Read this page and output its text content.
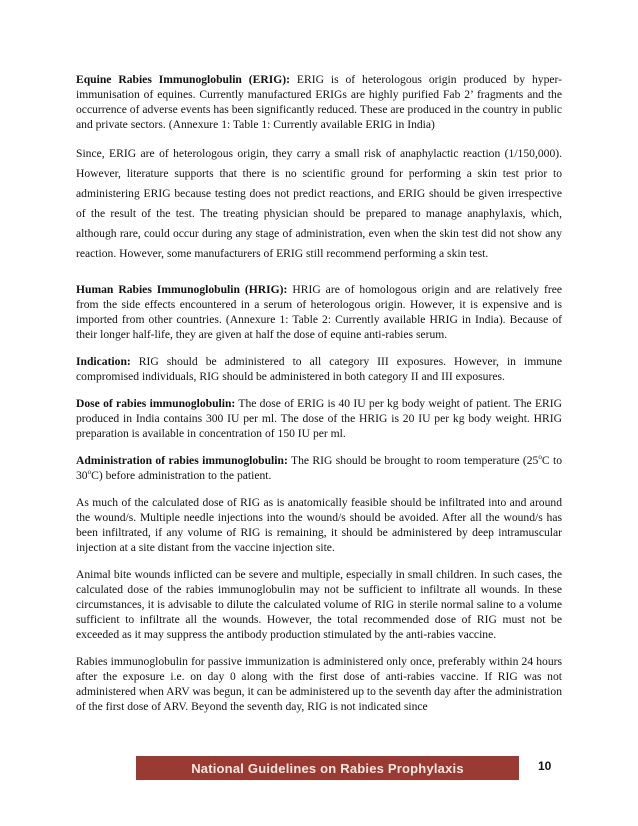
Equine Rabies Immunoglobulin (ERIG): ERIG is of heterologous origin produced by hyper-immunisation of equines. Currently manufactured ERIGs are highly purified Fab 2’ fragments and the occurrence of adverse events has been significantly reduced. These are produced in the country in public and private sectors. (Annexure 1: Table 1: Currently available ERIG in India)

Since, ERIG are of heterologous origin, they carry a small risk of anaphylactic reaction (1/150,000). However, literature supports that there is no scientific ground for performing a skin test prior to administering ERIG because testing does not predict reactions, and ERIG should be given irrespective of the result of the test. The treating physician should be prepared to manage anaphylaxis, which, although rare, could occur during any stage of administration, even when the skin test did not show any reaction. However, some manufacturers of ERIG still recommend performing a skin test.

Human Rabies Immunoglobulin (HRIG): HRIG are of homologous origin and are relatively free from the side effects encountered in a serum of heterologous origin. However, it is expensive and is imported from other countries. (Annexure 1: Table 2: Currently available HRIG in India). Because of their longer half-life, they are given at half the dose of equine anti-rabies serum.

Indication: RIG should be administered to all category III exposures. However, in immune compromised individuals, RIG should be administered in both category II and III exposures.

Dose of rabies immunoglobulin: The dose of ERIG is 40 IU per kg body weight of patient. The ERIG produced in India contains 300 IU per ml. The dose of the HRIG is 20 IU per kg body weight. HRIG preparation is available in concentration of 150 IU per ml.

Administration of rabies immunoglobulin: The RIG should be brought to room temperature (25$^o$C to 30$^o$C) before administration to the patient.

As much of the calculated dose of RIG as is anatomically feasible should be infiltrated into and around the wound/s. Multiple needle injections into the wound/s should be avoided. After all the wound/s has been infiltrated, if any volume of RIG is remaining, it should be administered by deep intramuscular injection at a site distant from the vaccine injection site.

Animal bite wounds inflicted can be severe and multiple, especially in small children. In such cases, the calculated dose of the rabies immunoglobulin may not be sufficient to infiltrate all wounds. In these circumstances, it is advisable to dilute the calculated volume of RIG in sterile normal saline to a volume sufficient to infiltrate all the wounds. However, the total recommended dose of RIG must not be exceeded as it may suppress the antibody production stimulated by the anti-rabies vaccine.

Rabies immunoglobulin for passive immunization is administered only once, preferably within 24 hours after the exposure i.e. on day 0 along with the first dose of anti-rabies vaccine. If RIG was not administered when ARV was begun, it can be administered up to the seventh day after the administration of the first dose of ARV. Beyond the seventh day, RIG is not indicated since

National Guidelines on Rabies Prophylaxis	10
